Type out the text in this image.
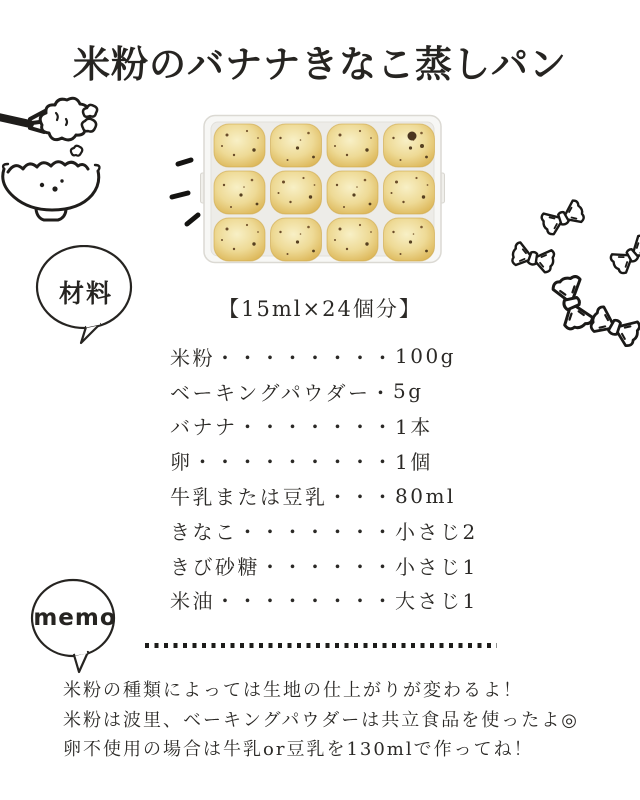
米粉のバナナきなこ蒸しパン
材料
【15ml×24個分】
米粉 ・・・・・・・・ 100g
ベーキングパウダー ・ 5g
バナナ ・・・・・・・ 1本
卵 ・・・・・・・・・ 1個
牛乳または豆乳 ・・・ 80ml
きなこ ・・・・・・・ 小さじ2
きび砂糖 ・・・・・・ 小さじ1
米油 ・・・・・・・・ 大さじ1
memo
米粉の種類によっては生地の仕上がりが変わるよ！
米粉は波里、ベーキングパウダーは共立食品を使ったよ◎
卵不使用の場合は牛乳or豆乳を130mlで作ってね！
